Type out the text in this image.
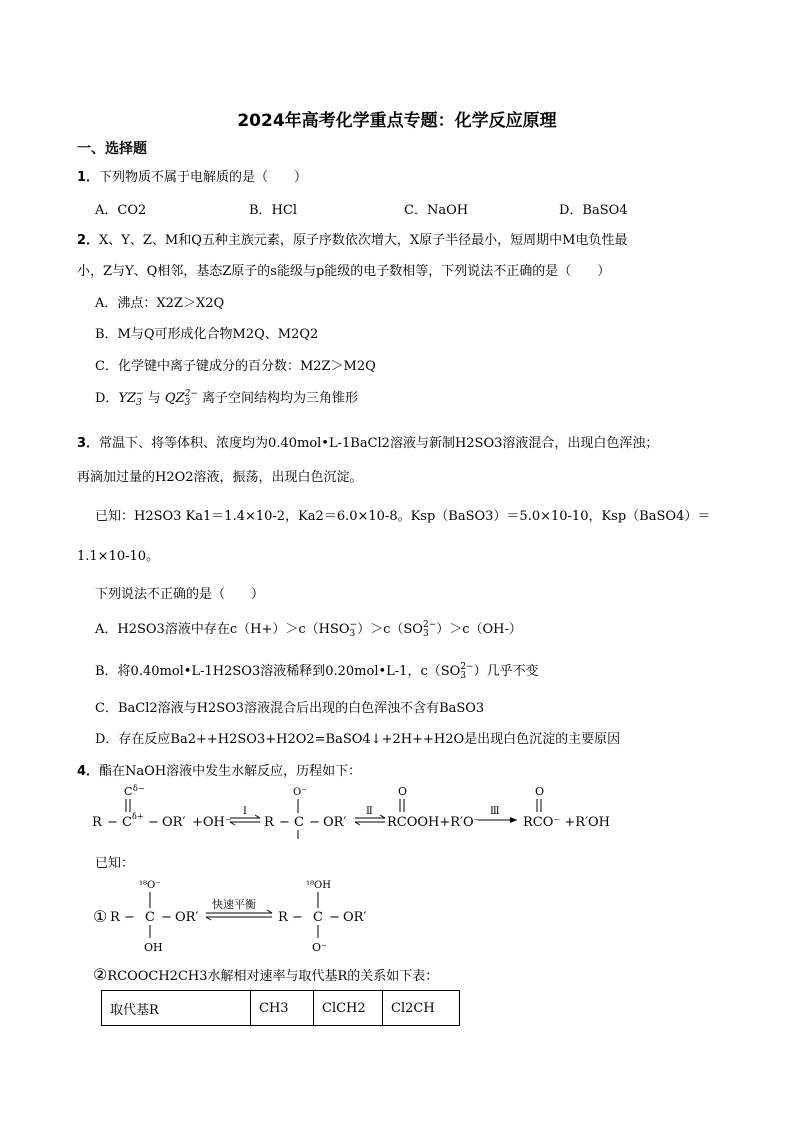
2024年高考化学重点专题：化学反应原理
一、选择题
1．下列物质不属于电解质的是（　　）
A．CO2	B．HCl	C．NaOH	D．BaSO4
2．X、Y、Z、M和Q五种主族元素，原子序数依次增大，X原子半径最小，短周期中M电负性最
小，Z与Y、Q相邻，基态Z原子的s能级与p能级的电子数相等，下列说法不正确的是（　　）
A．沸点：X2Z＞X2Q
B．M与Q可形成化合物M2Q、M2Q2
C．化学键中离子键成分的百分数：M2Z＞M2Q
D．YZ −
3 与 QZ 2−
3 离子空间结构均为三角锥形
3．常温下、将等体积、浓度均为0.40mol•L-1BaCl2溶液与新制H2SO3溶液混合，出现白色浑浊；
再滴加过量的H2O2溶液，振荡，出现白色沉淀。
已知：H2SO3 Ka1＝1.4×10-2，Ka2＝6.0×10-8。Ksp（BaSO3）＝5.0×10-10，Ksp（BaSO4）＝
1.1×10-10。
下列说法不正确的是（　　）
A．H2SO3溶液中存在c（H+）＞c（HSO −
3 ）＞c（SO 2−
3 ）＞c（OH-）
B．将0.40mol•L-1H2SO3溶液稀释到0.20mol•L-1，c（SO 2−
3 ）几乎不变
C．BaCl2溶液与H2SO3溶液混合后出现的白色浑浊不含有BaSO3
D．存在反应Ba2++H2SO3+H2O2=BaSO4↓+2H++H2O是出现白色沉淀的主要原因
4．酯在NaOH溶液中发生水解反应，历程如下：
C δ−
R − C δ+ − OR′ +OH⁻
Ⅰ
R −
O⁻
C − OR′
Ⅱ
O
RCOOH+R′O⁻
Ⅲ
O
RCO⁻ +R′OH
已知：
① R −
¹⁸O⁻
C
OH
− OR′
快速平衡
R −
¹⁸OH
C
O⁻
− OR′
②RCOOCH2CH3水解相对速率与取代基R的关系如下表：
取代基R	CH3	ClCH2	Cl2CH
